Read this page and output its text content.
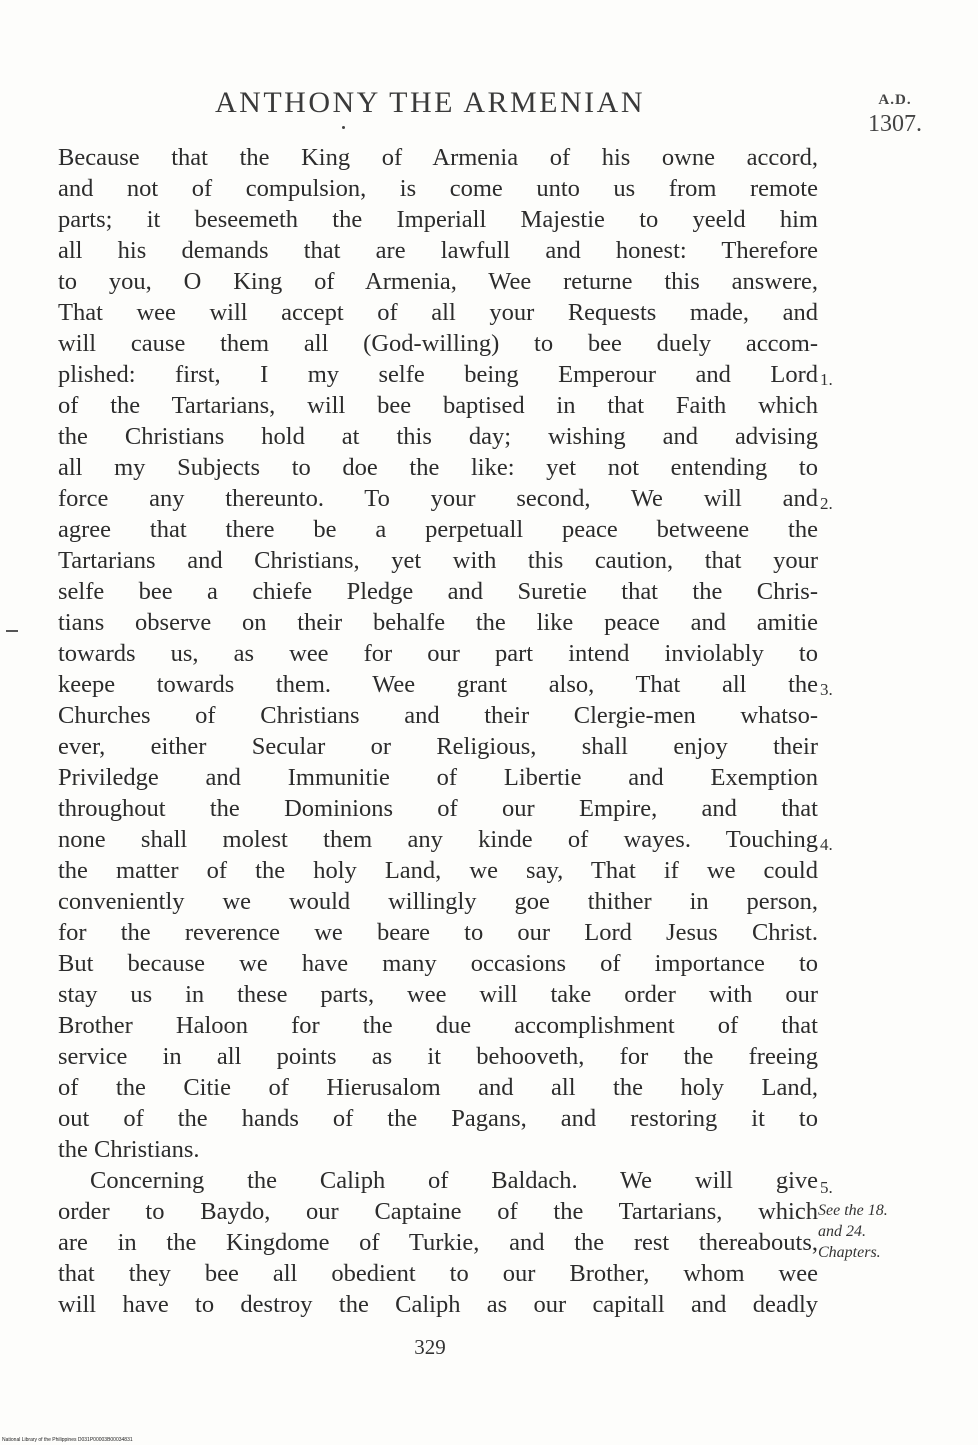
ANTHONY THE ARMENIAN	A.D.
1307.
Because that the King of Armenia of his owne accord,
and not of compulsion, is come unto us from remote
parts; it beseemeth the Imperiall Majestie to yeeld him
all his demands that are lawfull and honest: Therefore
to you, O King of Armenia, Wee returne this answere,
That wee will accept of all your Requests made, and
will cause them all (God-willing) to bee duely accom-
plished: first, I my selfe being Emperour and Lord
of the Tartarians, will bee baptised in that Faith which
the Christians hold at this day; wishing and advising
all my Subjects to doe the like: yet not entending to
force any thereunto. To your second, We will and
agree that there be a perpetuall peace betweene the
Tartarians and Christians, yet with this caution, that your
selfe bee a chiefe Pledge and Suretie that the Chris-
tians observe on their behalfe the like peace and amitie
towards us, as wee for our part intend inviolably to
keepe towards them. Wee grant also, That all the
Churches of Christians and their Clergie-men whatso-
ever, either Secular or Religious, shall enjoy their
Priviledge and Immunitie of Libertie and Exemption
throughout the Dominions of our Empire, and that
none shall molest them any kinde of wayes. Touching
the matter of the holy Land, we say, That if we could
conveniently we would willingly goe thither in person,
for the reverence we beare to our Lord Jesus Christ.
But because we have many occasions of importance to
stay us in these parts, wee will take order with our
Brother Haloon for the due accomplishment of that
service in all points as it behooveth, for the freeing
of the Citie of Hierusalom and all the holy Land,
out of the hands of the Pagans, and restoring it to
the Christians.
Concerning the Caliph of Baldach. We will give
order to Baydo, our Captaine of the Tartarians, which
are in the Kingdome of Turkie, and the rest thereabouts,
that they bee all obedient to our Brother, whom wee
will have to destroy the Caliph as our capitall and deadly
1.
2.
3.
4.
5.
See the 18.
and 24.
Chapters.
329
National Library of the Philippines D031P00003B00034831
